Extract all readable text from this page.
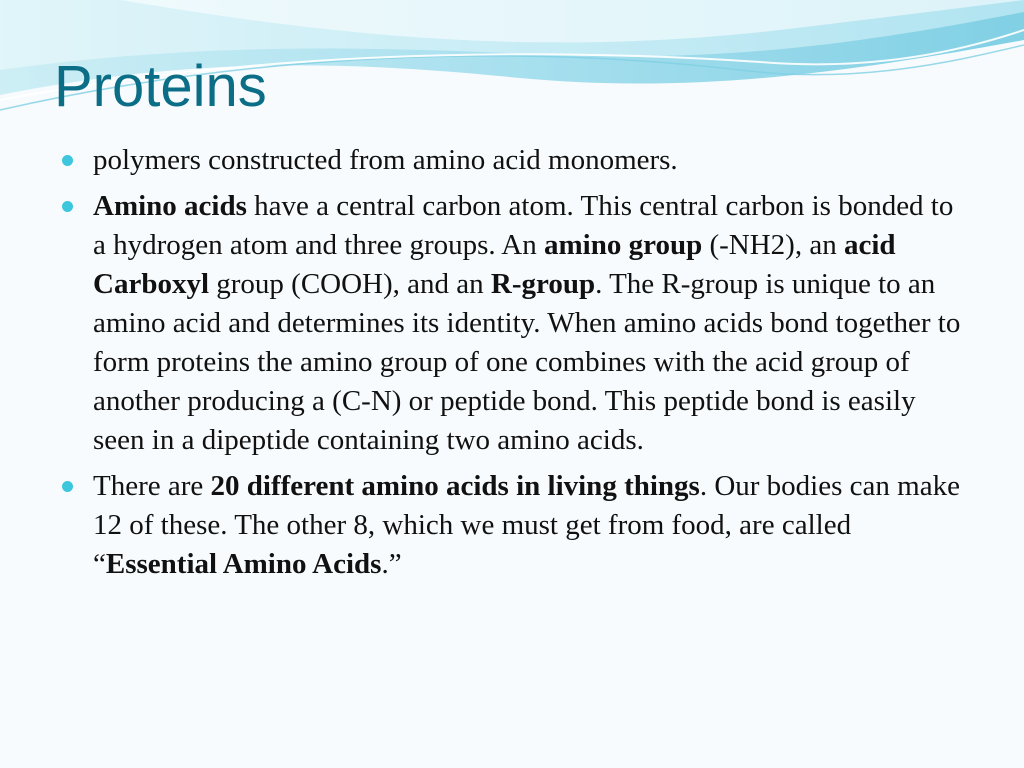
Proteins
polymers constructed from amino acid monomers.
Amino acids have a central carbon atom. This central carbon is bonded to a hydrogen atom and three groups. An amino group (-NH2), an acid Carboxyl group (COOH), and an R-group. The R-group is unique to an amino acid and determines its identity. When amino acids bond together to form proteins the amino group of one combines with the acid group of another producing a (C-N) or peptide bond. This peptide bond is easily seen in a dipeptide containing two amino acids.
There are 20 different amino acids in living things. Our bodies can make 12 of these. The other 8, which we must get from food, are called “Essential Amino Acids.”
